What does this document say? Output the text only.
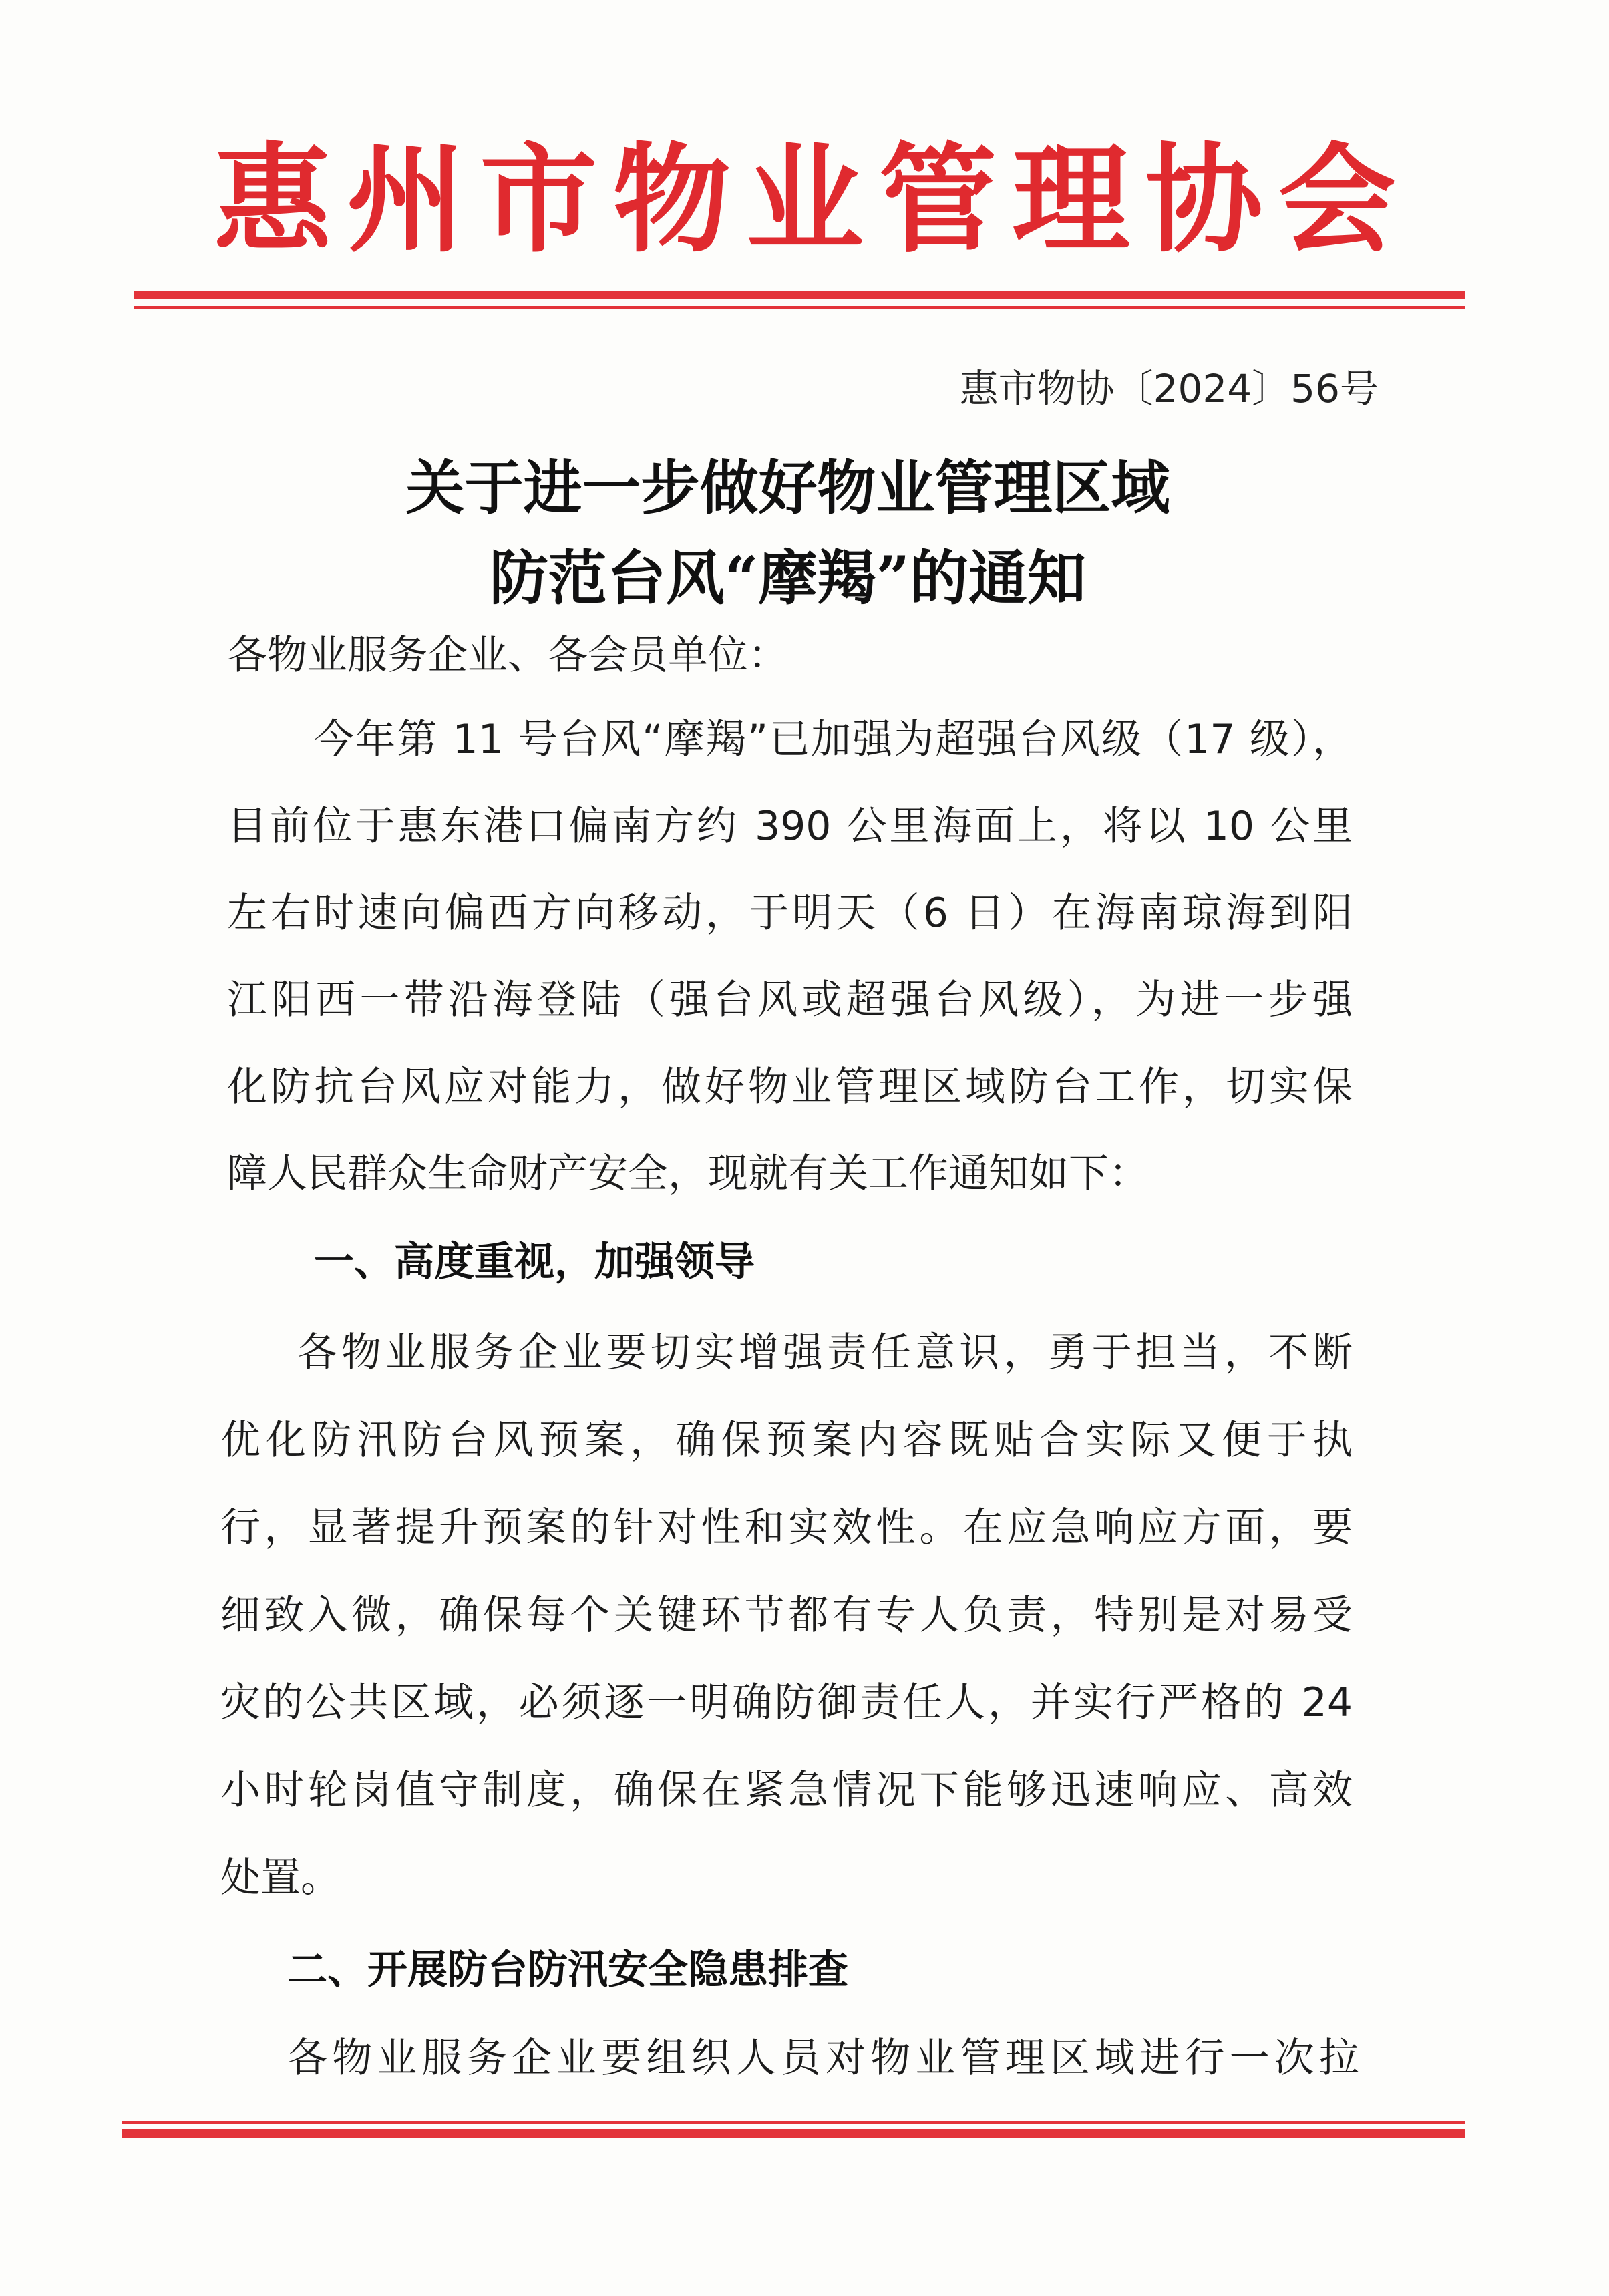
惠 州 市 物 业 管 理 协 会
惠市物协〔2024〕56号
关于进一步做好物业管理区域
防范台风“摩羯”的通知
各物业服务企业、各会员单位：
今年第 11 号台风“摩羯”已加强为超强台风级（17 级），
目前位于惠东港口偏南方约 390 公里海面上，将以 10 公里
左右时速向偏西方向移动，于明天（6 日）在海南琼海到阳
江阳西一带沿海登陆（强台风或超强台风级），为进一步强
化防抗台风应对能力，做好物业管理区域防台工作，切实保
障人民群众生命财产安全，现就有关工作通知如下：
一、高度重视，加强领导
各物业服务企业要切实增强责任意识，勇于担当，不断
优化防汛防台风预案，确保预案内容既贴合实际又便于执
行，显著提升预案的针对性和实效性。在应急响应方面，要
细致入微，确保每个关键环节都有专人负责，特别是对易受
灾的公共区域，必须逐一明确防御责任人，并实行严格的 24
小时轮岗值守制度，确保在紧急情况下能够迅速响应、高效
处置。
二、开展防台防汛安全隐患排查
各物业服务企业要组织人员对物业管理区域进行一次拉
